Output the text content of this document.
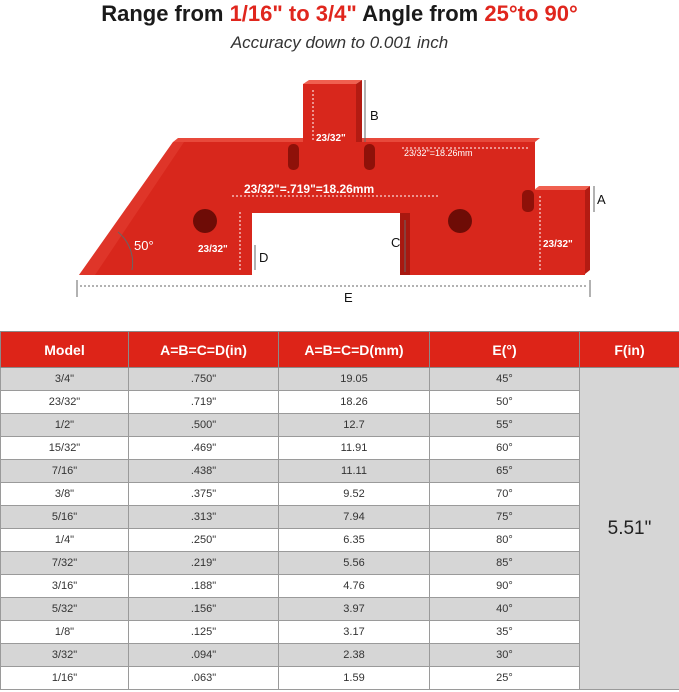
Range from 1/16" to 3/4" Angle from 25°to 90°
Accuracy down to 0.001 inch
B
A
D
C
E
50°
23/32"
23/32"=18.26mm
23/32"=.719"=18.26mm
23/32"	23/32"
Model	A=B=C=D(in)	A=B=C=D(mm)	E(°)	F(in)
3/4"	.750"	19.05	45°	5.51"
23/32"	.719"	18.26	50°	
1/2"	.500"	12.7	55°	
15/32"	.469"	11.91	60°	
7/16"	.438"	11.11	65°	
3/8"	.375"	9.52	70°	
5/16"	.313"	7.94	75°	
1/4"	.250"	6.35	80°	
7/32"	.219"	5.56	85°	
3/16"	.188"	4.76	90°	
5/32"	.156"	3.97	40°	
1/8"	.125"	3.17	35°	
3/32"	.094"	2.38	30°	
1/16"	.063"	1.59	25°	
